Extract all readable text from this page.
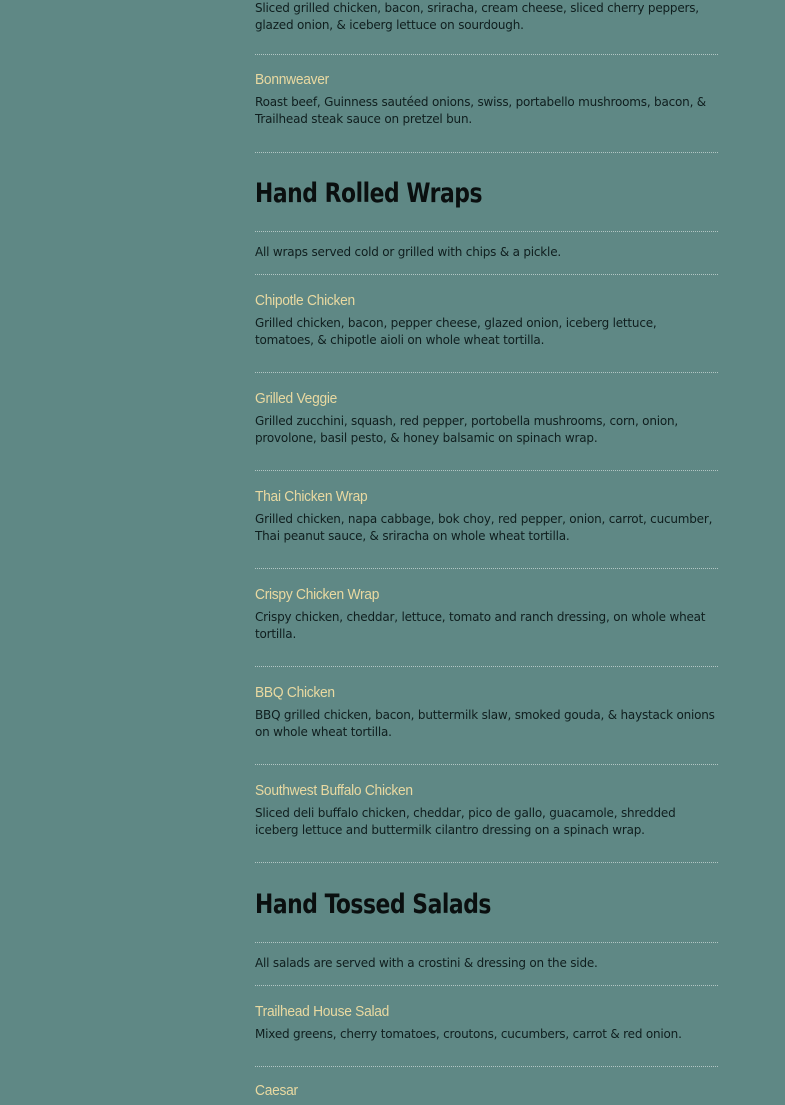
Sliced grilled chicken, bacon, sriracha, cream cheese, sliced cherry peppers, glazed onion, & iceberg lettuce on sourdough.

Bonnweaver

Roast beef, Guinness sautéed onions, swiss, portabello mushrooms, bacon, & Trailhead steak sauce on pretzel bun.

Hand Rolled Wraps

All wraps served cold or grilled with chips & a pickle.

Chipotle Chicken

Grilled chicken, bacon, pepper cheese, glazed onion, iceberg lettuce, tomatoes, & chipotle aioli on whole wheat tortilla.

Grilled Veggie

Grilled zucchini, squash, red pepper, portobella mushrooms, corn, onion, provolone, basil pesto, & honey balsamic on spinach wrap.

Thai Chicken Wrap

Grilled chicken, napa cabbage, bok choy, red pepper, onion, carrot, cucumber, Thai peanut sauce, & sriracha on whole wheat tortilla.

Crispy Chicken Wrap

Crispy chicken, cheddar, lettuce, tomato and ranch dressing, on whole wheat tortilla.

BBQ Chicken

BBQ grilled chicken, bacon, buttermilk slaw, smoked gouda, & haystack onions on whole wheat tortilla.

Southwest Buffalo Chicken

Sliced deli buffalo chicken, cheddar, pico de gallo, guacamole, shredded iceberg lettuce and buttermilk cilantro dressing on a spinach wrap.

Hand Tossed Salads

All salads are served with a crostini & dressing on the side.

Trailhead House Salad

Mixed greens, cherry tomatoes, croutons, cucumbers, carrot & red onion.

Caesar
